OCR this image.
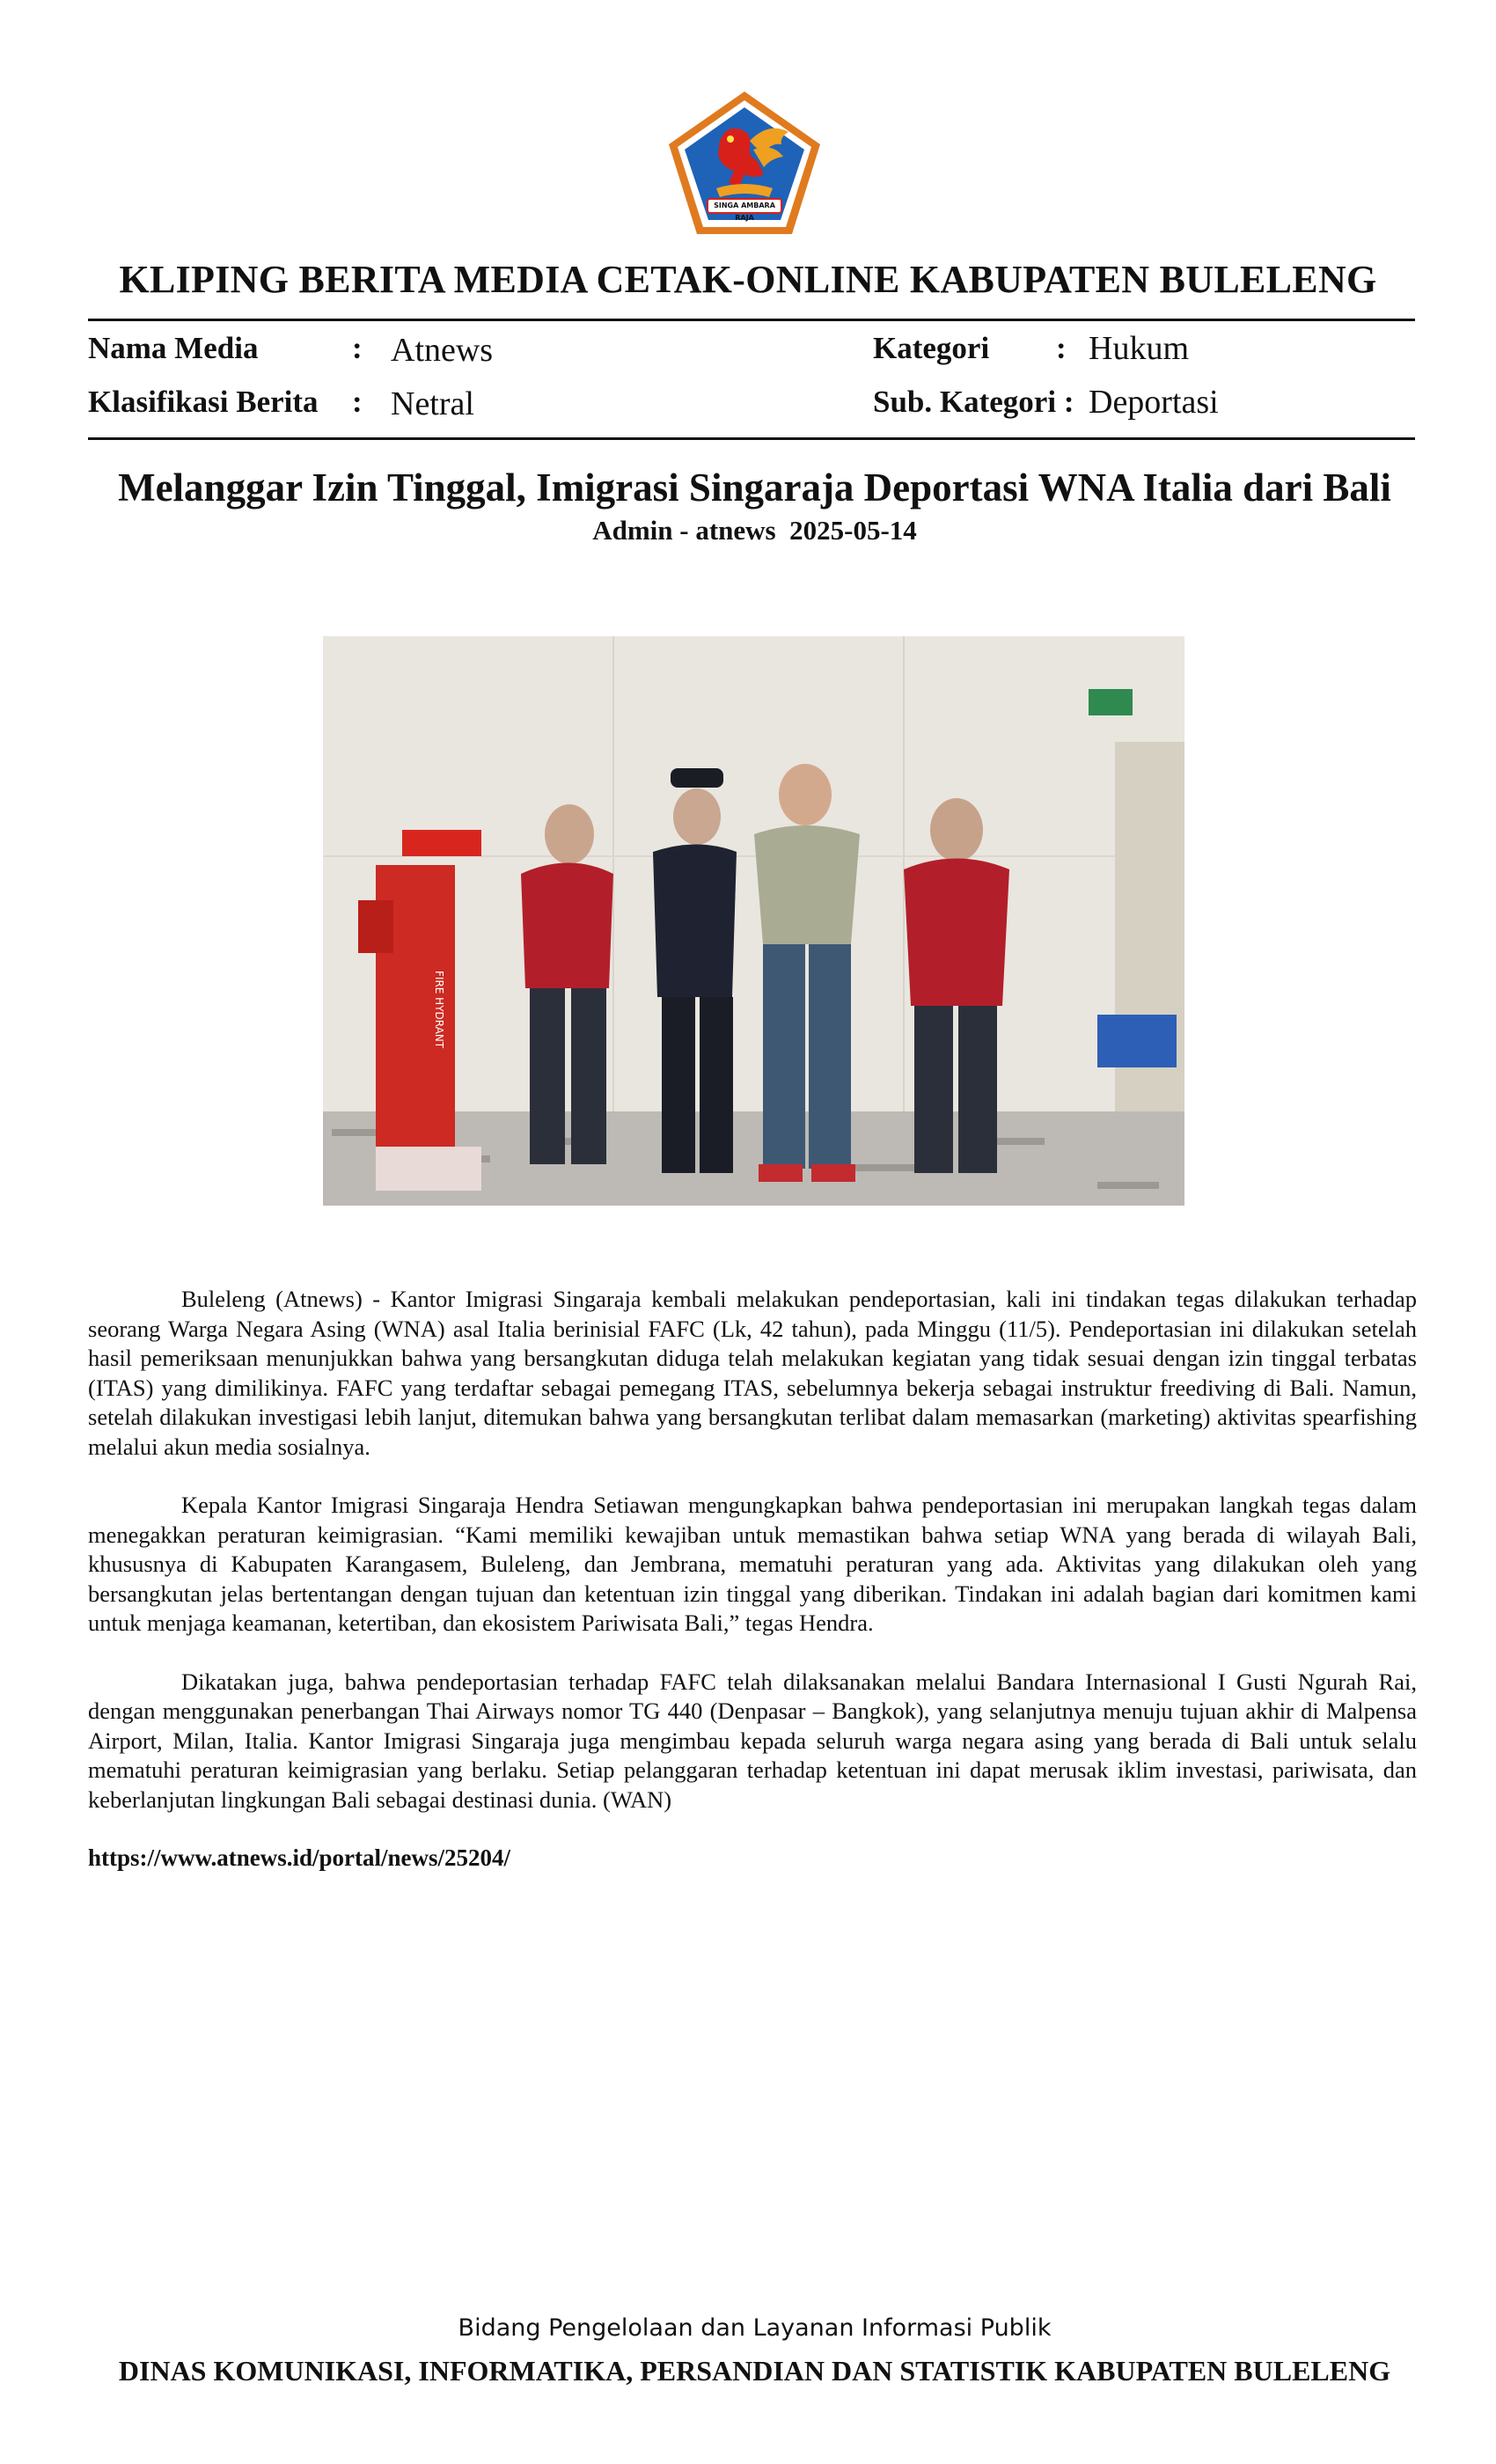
SINGA AMBARA RAJA
KLIPING BERITA MEDIA CETAK-ONLINE KABUPATEN BULELENG
Nama Media	: Atnews
Klasifikasi Berita : Netral
Kategori : Hukum
Sub. Kategori : Deportasi
Melanggar Izin Tinggal, Imigrasi Singaraja Deportasi WNA Italia dari Bali
Admin - atnews  2025-05-14
FIRE HYDRANT

Buleleng (Atnews) - Kantor Imigrasi Singaraja kembali melakukan pendeportasian, kali ini tindakan tegas dilakukan terhadap seorang Warga Negara Asing (WNA) asal Italia berinisial FAFC (Lk, 42 tahun), pada Minggu (11/5). Pendeportasian ini dilakukan setelah hasil pemeriksaan menunjukkan bahwa yang bersangkutan diduga telah melakukan kegiatan yang tidak sesuai dengan izin tinggal terbatas (ITAS) yang dimilikinya. FAFC yang terdaftar sebagai pemegang ITAS, sebelumnya bekerja sebagai instruktur freediving di Bali. Namun, setelah dilakukan investigasi lebih lanjut, ditemukan bahwa yang bersangkutan terlibat dalam memasarkan (marketing) aktivitas spearfishing melalui akun media sosialnya.

Kepala Kantor Imigrasi Singaraja Hendra Setiawan mengungkapkan bahwa pendeportasian ini merupakan langkah tegas dalam menegakkan peraturan keimigrasian. “Kami memiliki kewajiban untuk memastikan bahwa setiap WNA yang berada di wilayah Bali, khususnya di Kabupaten Karangasem, Buleleng, dan Jembrana, mematuhi peraturan yang ada. Aktivitas yang dilakukan oleh yang bersangkutan jelas bertentangan dengan tujuan dan ketentuan izin tinggal yang diberikan. Tindakan ini adalah bagian dari komitmen kami untuk menjaga keamanan, ketertiban, dan ekosistem Pariwisata Bali,” tegas Hendra.

Dikatakan juga, bahwa pendeportasian terhadap FAFC telah dilaksanakan melalui Bandara Internasional I Gusti Ngurah Rai, dengan menggunakan penerbangan Thai Airways nomor TG 440 (Denpasar – Bangkok), yang selanjutnya menuju tujuan akhir di Malpensa Airport, Milan, Italia. Kantor Imigrasi Singaraja juga mengimbau kepada seluruh warga negara asing yang berada di Bali untuk selalu mematuhi peraturan keimigrasian yang berlaku. Setiap pelanggaran terhadap ketentuan ini dapat merusak iklim investasi, pariwisata, dan keberlanjutan lingkungan Bali sebagai destinasi dunia. (WAN)

https://www.atnews.id/portal/news/25204/
Bidang Pengelolaan dan Layanan Informasi Publik
DINAS KOMUNIKASI, INFORMATIKA, PERSANDIAN DAN STATISTIK KABUPATEN BULELENG
